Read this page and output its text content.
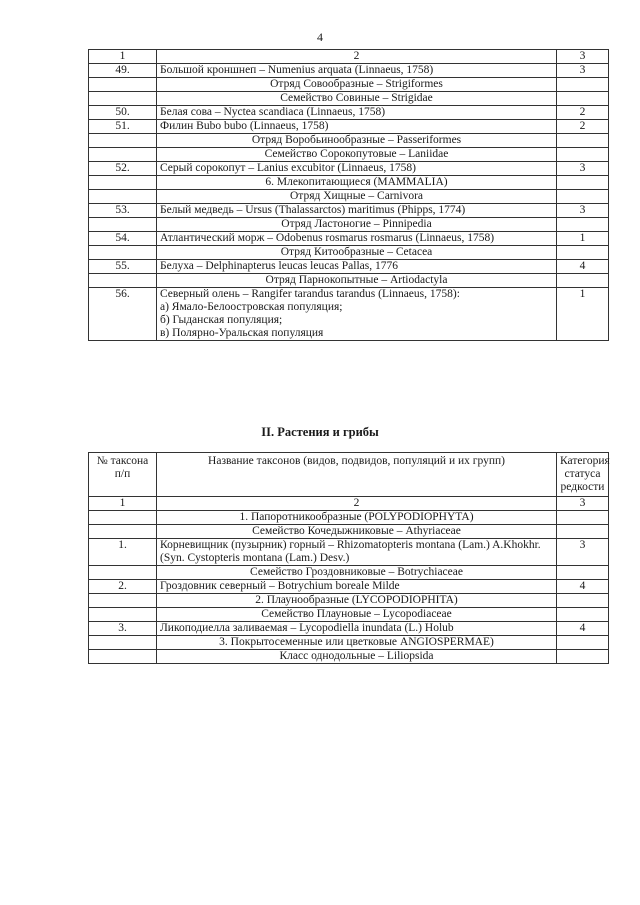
4
1	2	3
49.	Большой кроншнеп – Numenius arquata (Linnaeus, 1758)	3
	Отряд Совообразные – Strigiformes	
	Семейство Совиные – Strigidae	
50.	Белая сова – Nyctea scandiaca (Linnaeus, 1758)	2
51.	Филин Bubo bubo (Linnaeus, 1758)	2
	Отряд Воробьинообразные – Passeriformes	
	Семейство Сорокопутовые – Laniidae	
52.	Серый сорокопут – Lanius excubitor (Linnaeus, 1758)	3
	6. Млекопитающиеся (MAMMALIA)	
	Отряд Хищные – Carnivora	
53.	Белый медведь – Ursus (Thalassarctos) maritimus (Phipps, 1774)	3
	Отряд Ластоногие – Pinnipedia	
54.	Атлантический морж – Odobenus rosmarus rosmarus (Linnaeus, 1758)	1
	Отряд Китообразные – Cetacea	
55.	Белуха – Delphinapterus leucas leucas Pallas, 1776	4
	Отряд Парнокопытные – Artiodactyla	
56.	Северный олень – Rangifer tarandus tarandus (Linnaeus, 1758):
а) Ямало-Белоостровская популяция;
б) Гыданская популяция;
в) Полярно-Уральская популяция	1
II. Растения и грибы
№ таксона п/п	Название таксонов (видов, подвидов, популяций и их групп)	Категория статуса редкости
1	2	3
	1. Папоротникообразные (POLYPODIOPHYTA)	
	Семейство Кочедыжниковые – Athyriaceae	
1.	Корневищник (пузырник) горный – Rhizomatopteris montana (Lam.) A.Khokhr. (Syn. Cystopteris montana (Lam.) Desv.)	3
	Семейство Гроздовниковые – Botrychiaceae	
2.	Гроздовник северный – Botrychium boreale Milde	4
	2. Плаунообразные (LYCOPODIOPHITA)	
	Семейство Плауновые – Lycopodiaceae	
3.	Ликоподиелла заливаемая – Lycopodiella inundata (L.) Holub	4
	3. Покрытосеменные или цветковые ANGIOSPERMAE)	
	Класс однодольные – Liliopsida	
